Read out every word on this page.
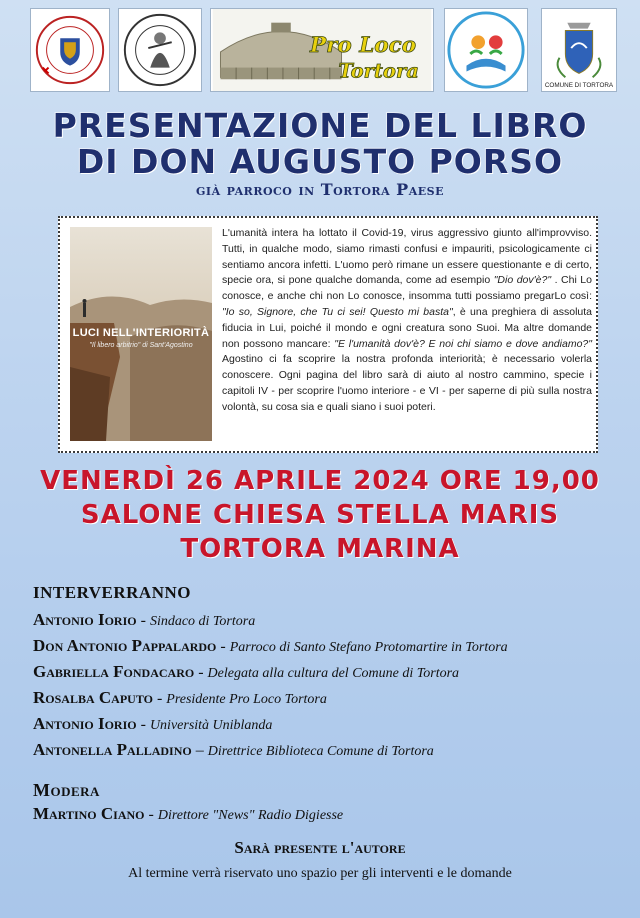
Pro Loco
Tortora
COMUNE DI TORTORA
PRESENTAZIONE DEL LIBRO
DI DON AUGUSTO PORSO
già parroco in Tortora Paese
LUCI NELL'INTERIORITÀ
"Il libero arbitrio" di Sant'Agostino
L'umanità intera ha lottato il Covid-19, virus aggressivo giunto all'improvviso. Tutti, in qualche modo, siamo rimasti confusi e impauriti, psicologicamente ci sentiamo ancora infetti. L'uomo però rimane un essere questionante e di certo, specie ora, si pone qualche domanda, come ad esempio "Dio dov'è?" . Chi Lo conosce, e anche chi non Lo conosce, insomma tutti possiamo pregarLo così: "Io so, Signore, che Tu ci sei! Questo mi basta", è una preghiera di assoluta fiducia in Lui, poiché il mondo e ogni creatura sono Suoi. Ma altre domande non possono mancare: "E l'umanità dov'è? E noi chi siamo e dove andiamo?" Agostino ci fa scoprire la nostra profonda interiorità; è necessario volerla conoscere. Ogni pagina del libro sarà di aiuto al nostro cammino, specie i capitoli IV - per scoprire l'uomo interiore - e VI - per saperne di più sulla nostra volontà, su cosa sia e quali siano i suoi poteri.
VENERDÌ 26 APRILE 2024 ORE 19,00
SALONE CHIESA STELLA MARIS
TORTORA MARINA
INTERVERRANNO
Antonio Iorio - Sindaco di Tortora
Don Antonio Pappalardo - Parroco di Santo Stefano Protomartire in Tortora
Gabriella Fondacaro - Delegata alla cultura del Comune di Tortora
Rosalba Caputo - Presidente Pro Loco Tortora
Antonio Iorio - Università Uniblanda
Antonella Palladino – Direttrice Biblioteca Comune di Tortora
Modera
Martino Ciano - Direttore "News" Radio Digiesse
Sarà presente l'autore
Al termine verrà riservato uno spazio per gli interventi e le domande
